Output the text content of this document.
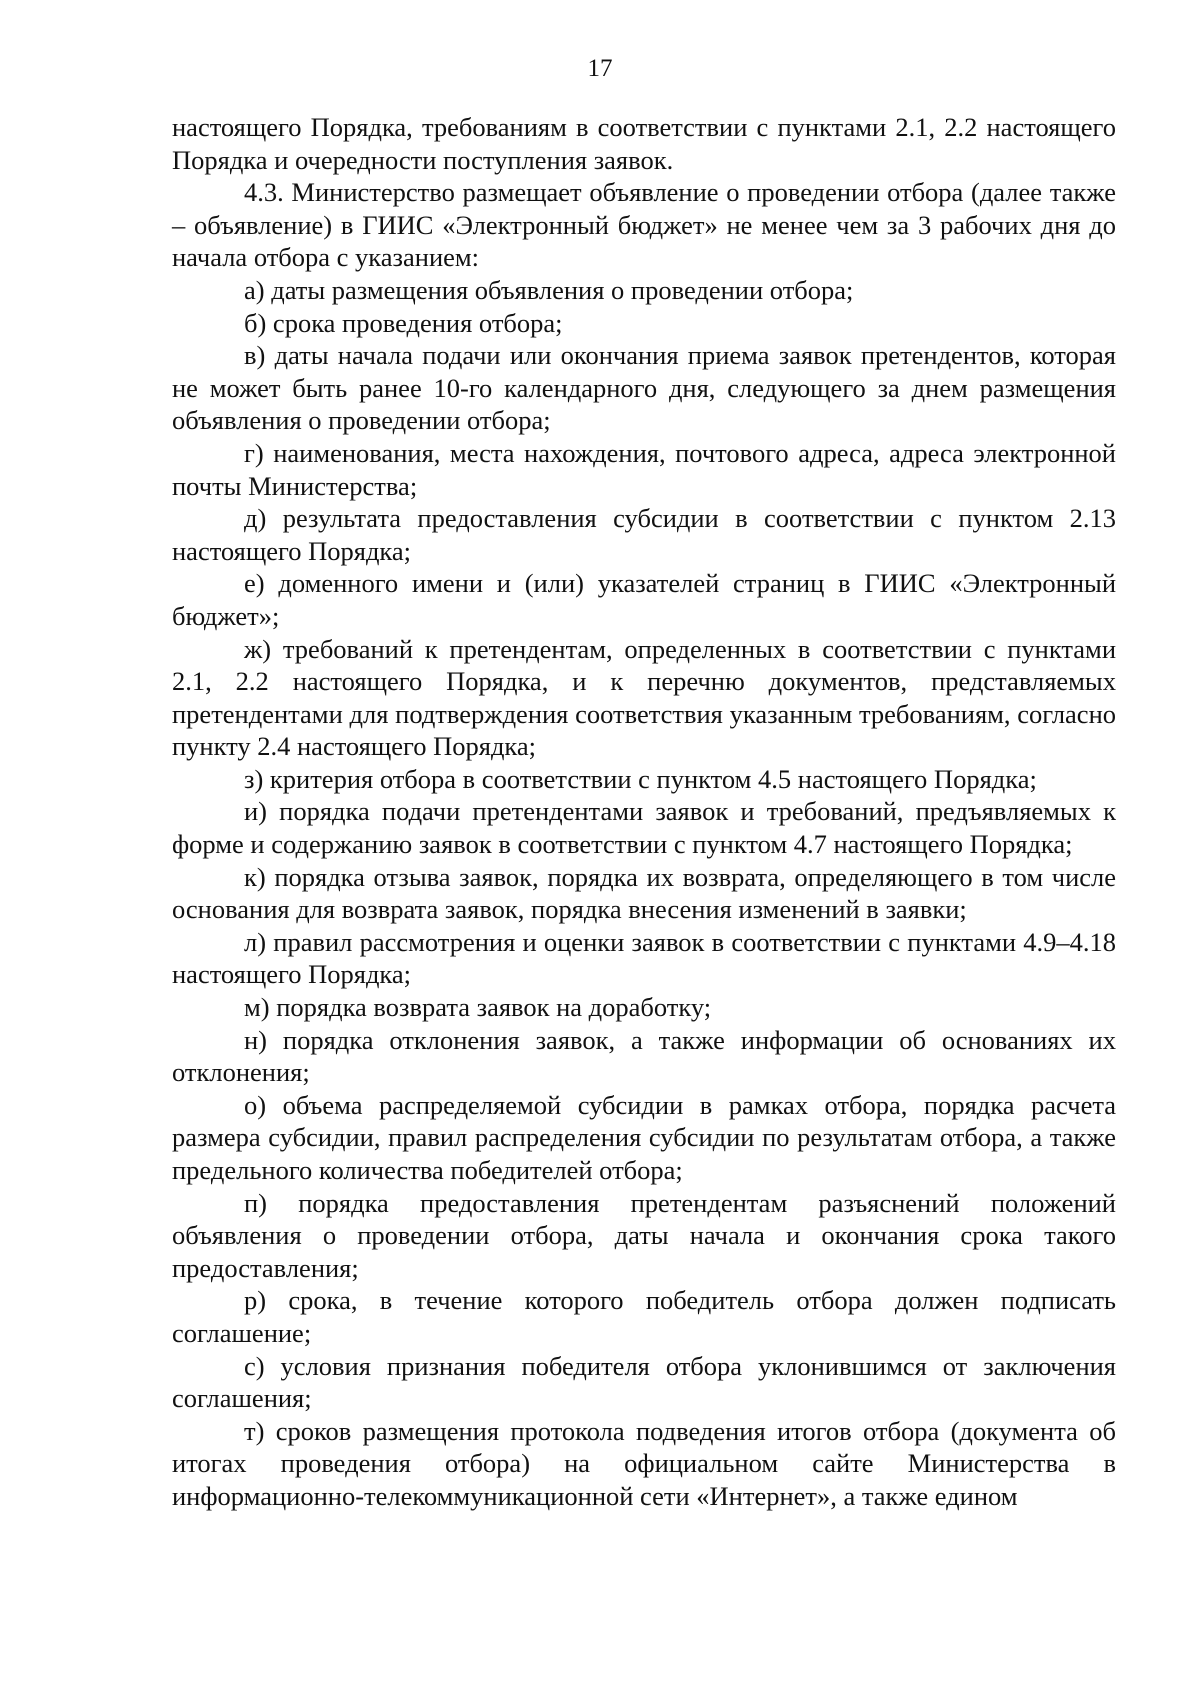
17

настоящего Порядка, требованиям в соответствии с пунктами 2.1, 2.2 настоящего Порядка и очередности поступления заявок.

4.3. Министерство размещает объявление о проведении отбора (далее также – объявление) в ГИИС «Электронный бюджет» не менее чем за 3 рабочих дня до начала отбора с указанием:

а) даты размещения объявления о проведении отбора;

б) срока проведения отбора;

в) даты начала подачи или окончания приема заявок претендентов, которая не может быть ранее 10-го календарного дня, следующего за днем размещения объявления о проведении отбора;

г) наименования, места нахождения, почтового адреса, адреса электронной почты Министерства;

д) результата предоставления субсидии в соответствии с пунктом 2.13 настоящего Порядка;

е) доменного имени и (или) указателей страниц в ГИИС «Электронный бюджет»;

ж) требований к претендентам, определенных в соответствии с пунктами 2.1, 2.2 настоящего Порядка, и к перечню документов, представляемых претендентами для подтверждения соответствия указанным требованиям, согласно пункту 2.4 настоящего Порядка;

з) критерия отбора в соответствии с пунктом 4.5 настоящего Порядка;

и) порядка подачи претендентами заявок и требований, предъявляемых к форме и содержанию заявок в соответствии с пунктом 4.7 настоящего Порядка;

к) порядка отзыва заявок, порядка их возврата, определяющего в том числе основания для возврата заявок, порядка внесения изменений в заявки;

л) правил рассмотрения и оценки заявок в соответствии с пунктами 4.9–4.18 настоящего Порядка;

м) порядка возврата заявок на доработку;

н) порядка отклонения заявок, а также информации об основаниях их отклонения;

о) объема распределяемой субсидии в рамках отбора, порядка расчета размера субсидии, правил распределения субсидии по результатам отбора, а также предельного количества победителей отбора;

п) порядка предоставления претендентам разъяснений положений объявления о проведении отбора, даты начала и окончания срока такого предоставления;

р) срока, в течение которого победитель отбора должен подписать соглашение;

с) условия признания победителя отбора уклонившимся от заключения соглашения;

т) сроков размещения протокола подведения итогов отбора (документа об итогах проведения отбора) на официальном сайте Министерства в информационно-телекоммуникационной сети «Интернет», а также едином
